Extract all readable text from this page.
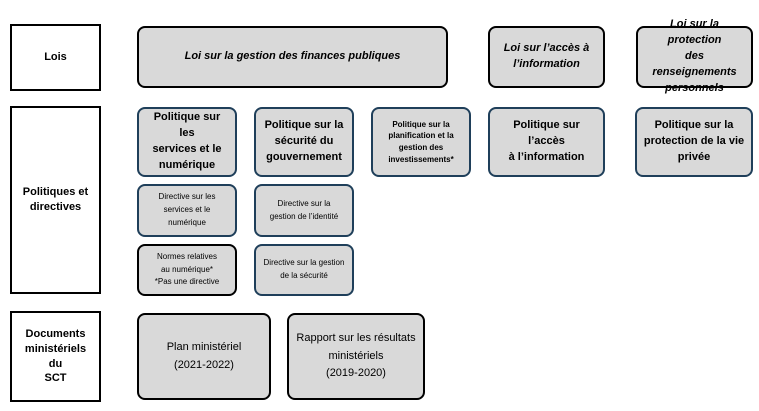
Lois
Politiques et
directives
Documents
ministériels du
SCT
Loi sur la gestion des finances publiques
Loi sur l’accès à
l’information
Loi sur la protection
des renseignements
personnels
Politique sur les
services et le
numérique
Politique sur la
sécurité du
gouvernement
Politique sur la
planification et la
gestion des
investissements*
Politique sur l’accès
à l’information
Politique sur la
protection de la vie
privée
Directive sur les
services et le
numérique
Directive sur la
gestion de l’identité
Normes relatives
au numérique*
*Pas une directive
Directive sur la gestion
de la sécurité
Plan ministériel
(2021-2022)
Rapport sur les résultats
ministériels
(2019-2020)
